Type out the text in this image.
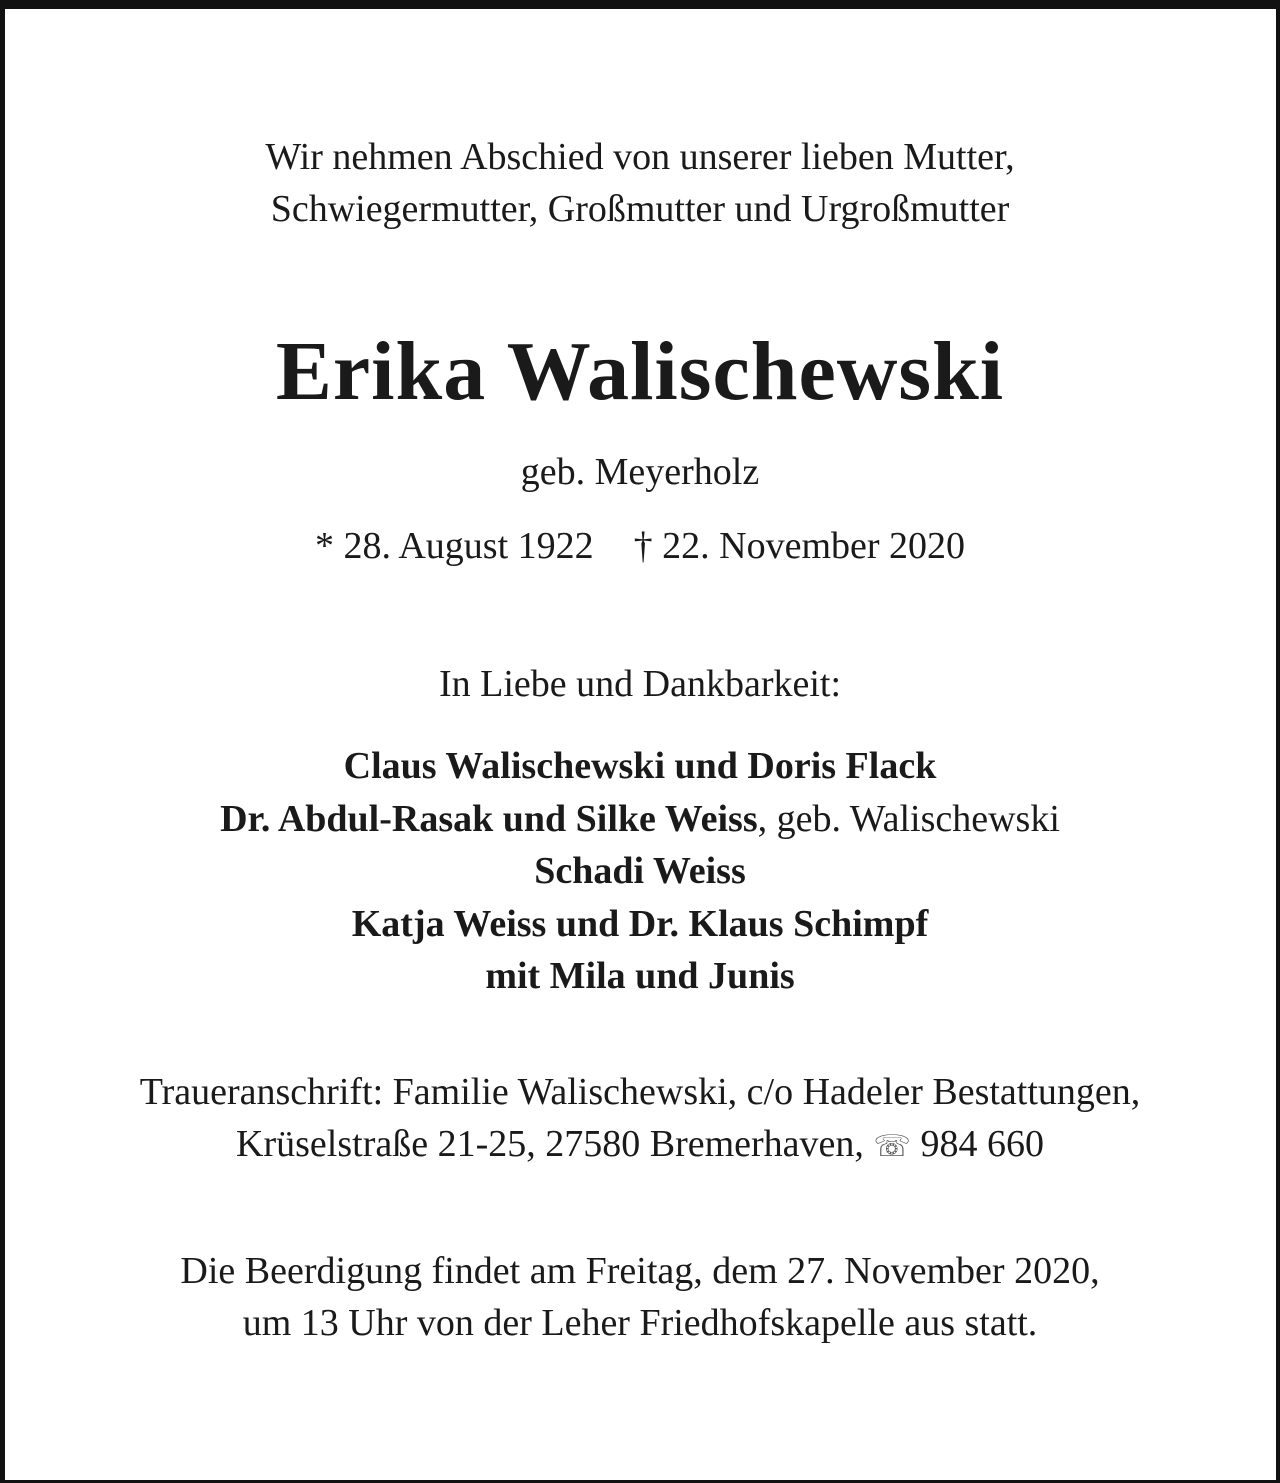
Wir nehmen Abschied von unserer lieben Mutter,
Schwiegermutter, Großmutter und Urgroßmutter
Erika Walischewski
geb. Meyerholz
* 28. August 1922 † 22. November 2020
In Liebe und Dankbarkeit:
Claus Walischewski und Doris Flack
Dr. Abdul-Rasak und Silke Weiss, geb. Walischewski
Schadi Weiss
Katja Weiss und Dr. Klaus Schimpf
mit Mila und Junis
Traueranschrift: Familie Walischewski, c/o Hadeler Bestattungen,
Krüselstraße 21-25, 27580 Bremerhaven, ☏ 984 660
Die Beerdigung findet am Freitag, dem 27. November 2020,
um 13 Uhr von der Leher Friedhofskapelle aus statt.
